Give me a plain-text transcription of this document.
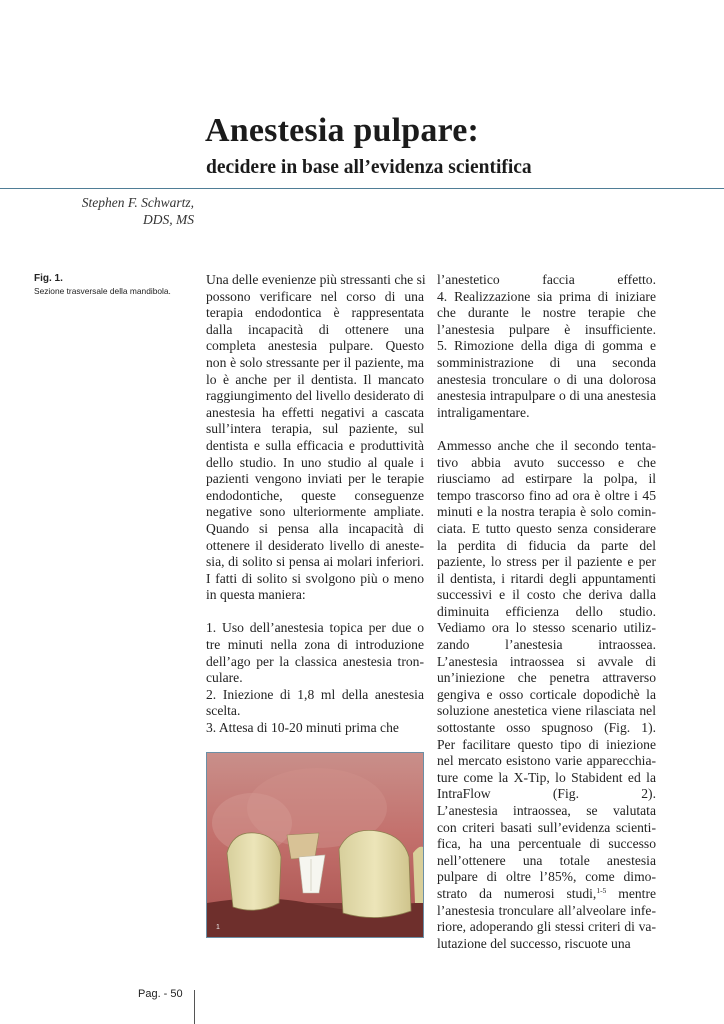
Anestesia pulpare:
decidere in base all’evidenza scientifica
Stephen F. Schwartz,
DDS, MS
Fig. 1.
Sezione trasversale della mandibola.
Una delle evenienze più stressanti che si
possono verificare nel corso di una
terapia endodontica è rappresentata
dalla incapacità di ottenere una
completa anestesia pulpare. Questo
non è solo stressante per il paziente, ma
lo è anche per il dentista. Il mancato
raggiungimento del livello desiderato di
anestesia ha effetti negativi a cascata
sull’intera terapia, sul paziente, sul
dentista e sulla efficacia e produttività
dello studio. In uno studio al quale i
pazienti vengono inviati per le terapie
endodontiche, queste conseguenze
negative sono ulteriormente ampliate.
Quando si pensa alla incapacità di
ottenere il desiderato livello di aneste-
sia, di solito si pensa ai molari inferiori.
I fatti di solito si svolgono più o meno
in questa maniera:
1. Uso dell’anestesia topica per due o
tre minuti nella zona di introduzione
dell’ago per la classica anestesia tron-
culare.
2. Iniezione di 1,8 ml della anestesia
scelta.
3. Attesa di 10-20 minuti prima che
l’anestetico faccia effetto.
4. Realizzazione sia prima di iniziare
che durante le nostre terapie che
l’anestesia pulpare è insufficiente.
5. Rimozione della diga di gomma e
somministrazione di una seconda
anestesia tronculare o di una dolorosa
anestesia intrapulpare o di una anestesia
intraligamentare.
Ammesso anche che il secondo tenta-
tivo abbia avuto successo e che
riusciamo ad estirpare la polpa, il
tempo trascorso fino ad ora è oltre i 45
minuti e la nostra terapia è solo comin-
ciata. E tutto questo senza considerare
la perdita di fiducia da parte del
paziente, lo stress per il paziente e per
il dentista, i ritardi degli appuntamenti
successivi e il costo che deriva dalla
diminuita efficienza dello studio.
Vediamo ora lo stesso scenario utiliz-
zando l’anestesia intraossea.
L’anestesia intraossea si avvale di
un’iniezione che penetra attraverso
gengiva e osso corticale dopodichè la
soluzione anestetica viene rilasciata nel
sottostante osso spugnoso (Fig. 1).
Per facilitare questo tipo di iniezione
nel mercato esistono varie apparecchia-
ture come la X-Tip, lo Stabident ed la
IntraFlow (Fig. 2).
L’anestesia intraossea, se valutata
con criteri basati sull’evidenza scienti-
fica, ha una percentuale di successo
nell’ottenere una totale anestesia
pulpare di oltre l’85%, come dimo-
strato da numerosi studi,$^{1-5}$ mentre
l’anestesia tronculare all’alveolare infe-
riore, adoperando gli stessi criteri di va-
lutazione del successo, riscuote una
1
Pag. - 50
